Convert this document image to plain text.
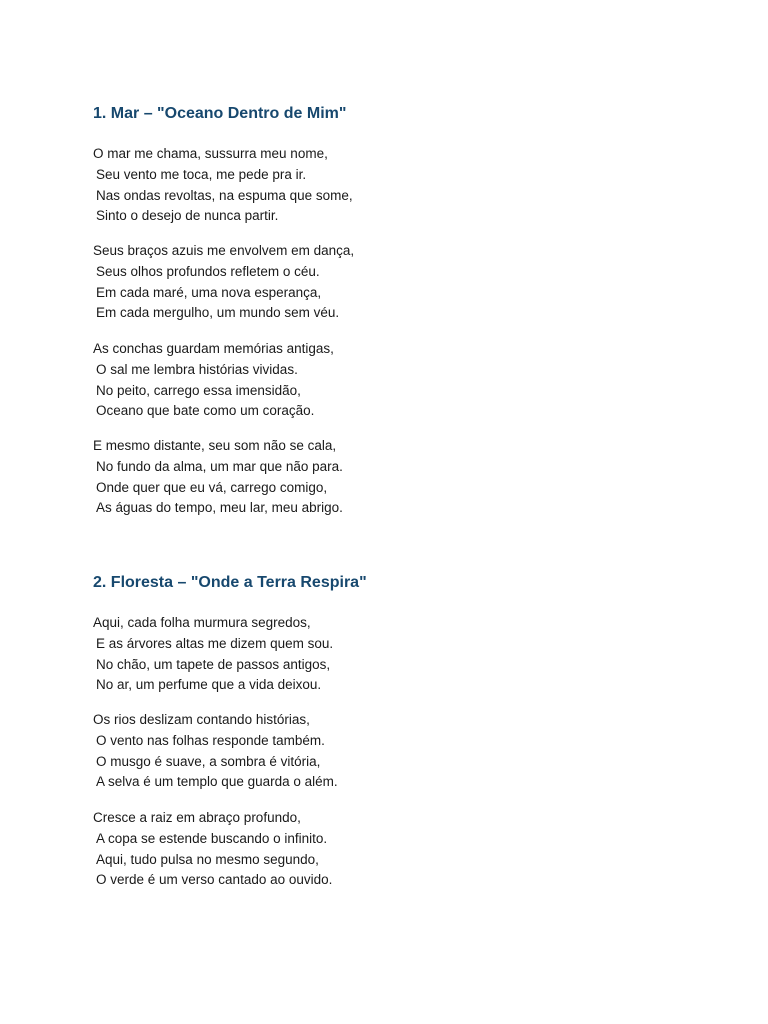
1. Mar – "Oceano Dentro de Mim"

O mar me chama, sussurra meu nome,
Seu vento me toca, me pede pra ir.
Nas ondas revoltas, na espuma que some,
Sinto o desejo de nunca partir.

Seus braços azuis me envolvem em dança,
Seus olhos profundos refletem o céu.
Em cada maré, uma nova esperança,
Em cada mergulho, um mundo sem véu.

As conchas guardam memórias antigas,
O sal me lembra histórias vividas.
No peito, carrego essa imensidão,
Oceano que bate como um coração.

E mesmo distante, seu som não se cala,
No fundo da alma, um mar que não para.
Onde quer que eu vá, carrego comigo,
As águas do tempo, meu lar, meu abrigo.

2. Floresta – "Onde a Terra Respira"

Aqui, cada folha murmura segredos,
E as árvores altas me dizem quem sou.
No chão, um tapete de passos antigos,
No ar, um perfume que a vida deixou.

Os rios deslizam contando histórias,
O vento nas folhas responde também.
O musgo é suave, a sombra é vitória,
A selva é um templo que guarda o além.

Cresce a raiz em abraço profundo,
A copa se estende buscando o infinito.
Aqui, tudo pulsa no mesmo segundo,
O verde é um verso cantado ao ouvido.
